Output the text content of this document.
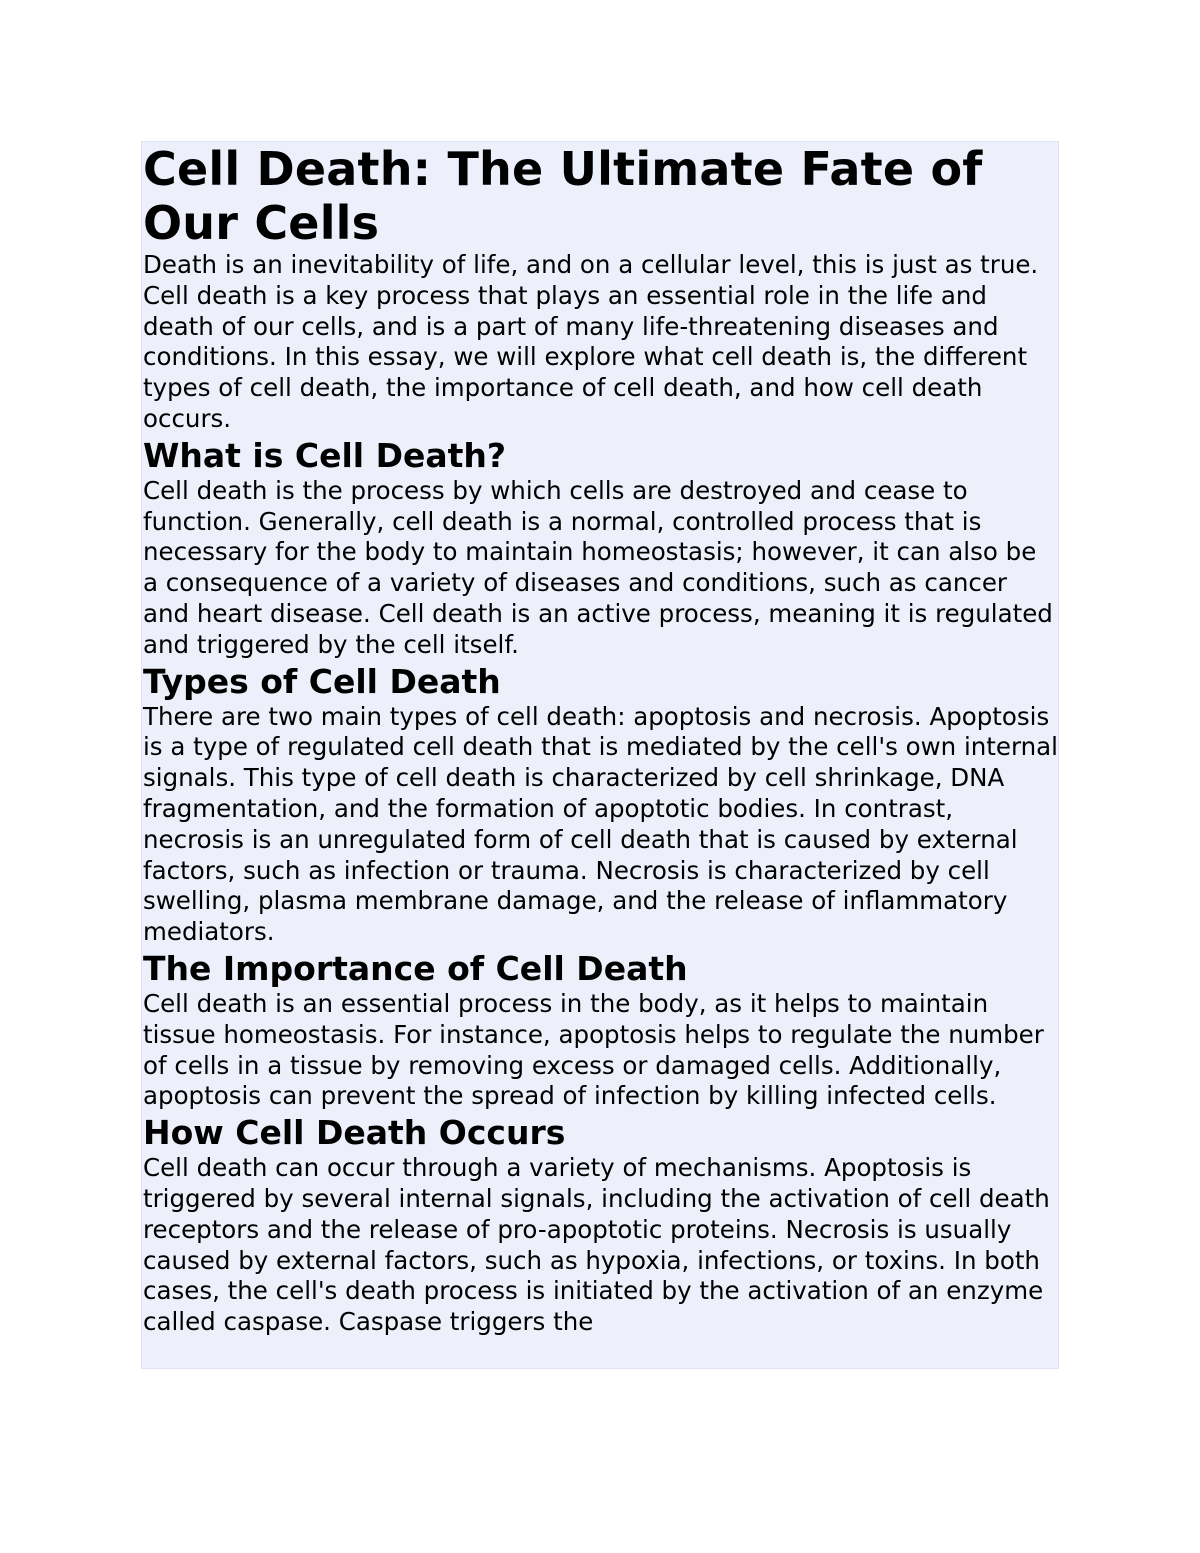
Cell Death: The Ultimate Fate of Our Cells

Death is an inevitability of life, and on a cellular level, this is just as true. Cell death is a key process that plays an essential role in the life and death of our cells, and is a part of many life-threatening diseases and conditions. In this essay, we will explore what cell death is, the different types of cell death, the importance of cell death, and how cell death occurs.

What is Cell Death?

Cell death is the process by which cells are destroyed and cease to function. Generally, cell death is a normal, controlled process that is necessary for the body to maintain homeostasis; however, it can also be a consequence of a variety of diseases and conditions, such as cancer and heart disease. Cell death is an active process, meaning it is regulated and triggered by the cell itself.

Types of Cell Death

There are two main types of cell death: apoptosis and necrosis. Apoptosis is a type of regulated cell death that is mediated by the cell's own internal signals. This type of cell death is characterized by cell shrinkage, DNA fragmentation, and the formation of apoptotic bodies. In contrast, necrosis is an unregulated form of cell death that is caused by external factors, such as infection or trauma. Necrosis is characterized by cell swelling, plasma membrane damage, and the release of inflammatory mediators.

The Importance of Cell Death

Cell death is an essential process in the body, as it helps to maintain tissue homeostasis. For instance, apoptosis helps to regulate the number of cells in a tissue by removing excess or damaged cells. Additionally, apoptosis can prevent the spread of infection by killing infected cells.

How Cell Death Occurs

Cell death can occur through a variety of mechanisms. Apoptosis is triggered by several internal signals, including the activation of cell death receptors and the release of pro-apoptotic proteins. Necrosis is usually caused by external factors, such as hypoxia, infections, or toxins. In both cases, the cell's death process is initiated by the activation of an enzyme called caspase. Caspase triggers the
